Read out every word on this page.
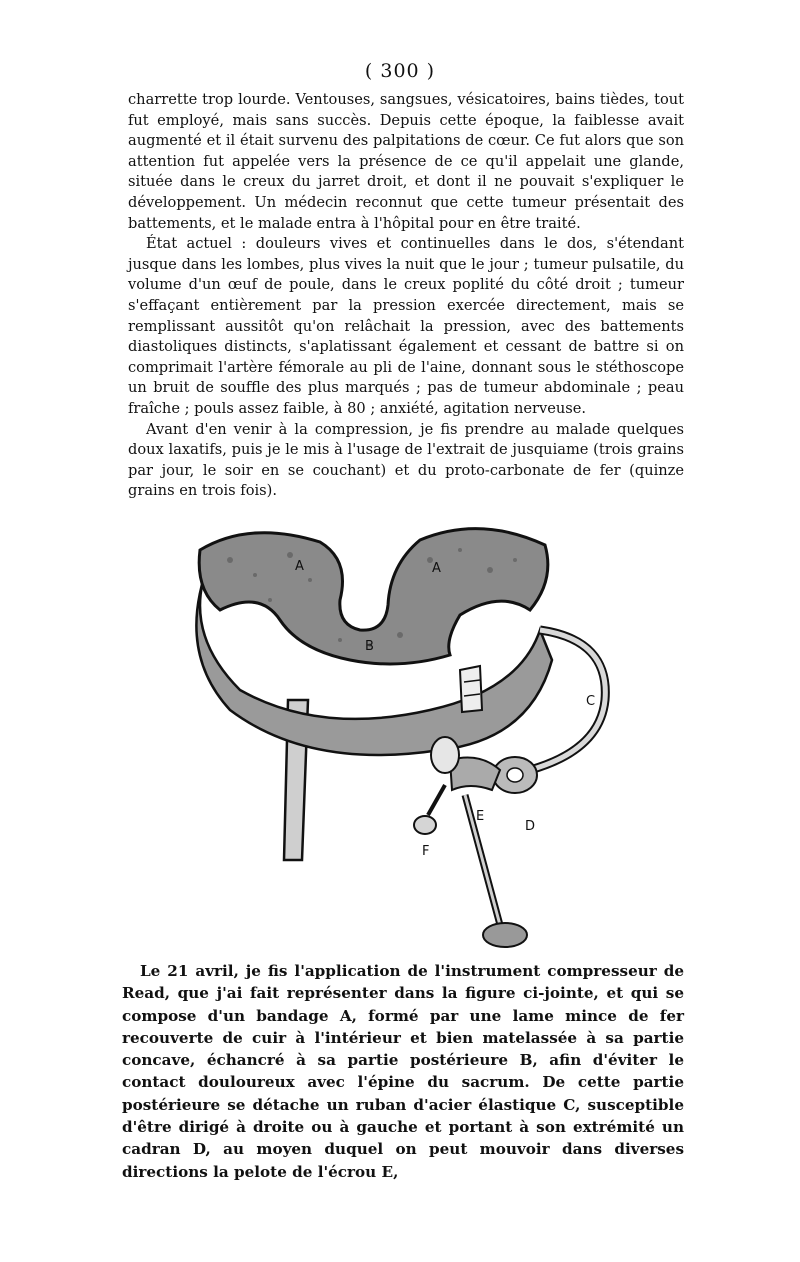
( 300 )

charrette trop lourde. Ventouses, sangsues, vésicatoires, bains tièdes, tout fut employé, mais sans succès. Depuis cette époque, la faiblesse avait augmenté et il était survenu des palpitations de cœur. Ce fut alors que son attention fut appelée vers la présence de ce qu'il appelait une glande, située dans le creux du jarret droit, et dont il ne pouvait s'expliquer le développement. Un médecin reconnut que cette tumeur présentait des battements, et le malade entra à l'hôpital pour en être traité.

État actuel : douleurs vives et continuelles dans le dos, s'étendant jusque dans les lombes, plus vives la nuit que le jour ; tumeur pulsatile, du volume d'un œuf de poule, dans le creux poplité du côté droit ; tumeur s'effaçant entièrement par la pression exercée directement, mais se remplissant aussitôt qu'on relâchait la pression, avec des battements diastoliques distincts, s'aplatissant également et cessant de battre si on comprimait l'artère fémorale au pli de l'aine, donnant sous le stéthoscope un bruit de souffle des plus marqués ; pas de tumeur abdominale ; peau fraîche ; pouls assez faible, à 80 ; anxiété, agitation nerveuse.

Avant d'en venir à la compression, je fis prendre au malade quelques doux laxatifs, puis je le mis à l'usage de l'extrait de jusquiame (trois grains par jour, le soir en se couchant) et du proto-carbonate de fer (quinze grains en trois fois).

A	A
B
C
D
E
F

Le 21 avril, je fis l'application de l'instrument compresseur de Read, que j'ai fait représenter dans la figure ci-jointe, et qui se compose d'un bandage A, formé par une lame mince de fer recouverte de cuir à l'intérieur et bien matelassée à sa partie concave, échancré à sa partie postérieure B, afin d'éviter le contact douloureux avec l'épine du sacrum. De cette partie postérieure se détache un ruban d'acier élastique C, susceptible d'être dirigé à droite ou à gauche et portant à son extrémité un cadran D, au moyen duquel on peut mouvoir dans diverses directions la pelote de l'écrou E,
